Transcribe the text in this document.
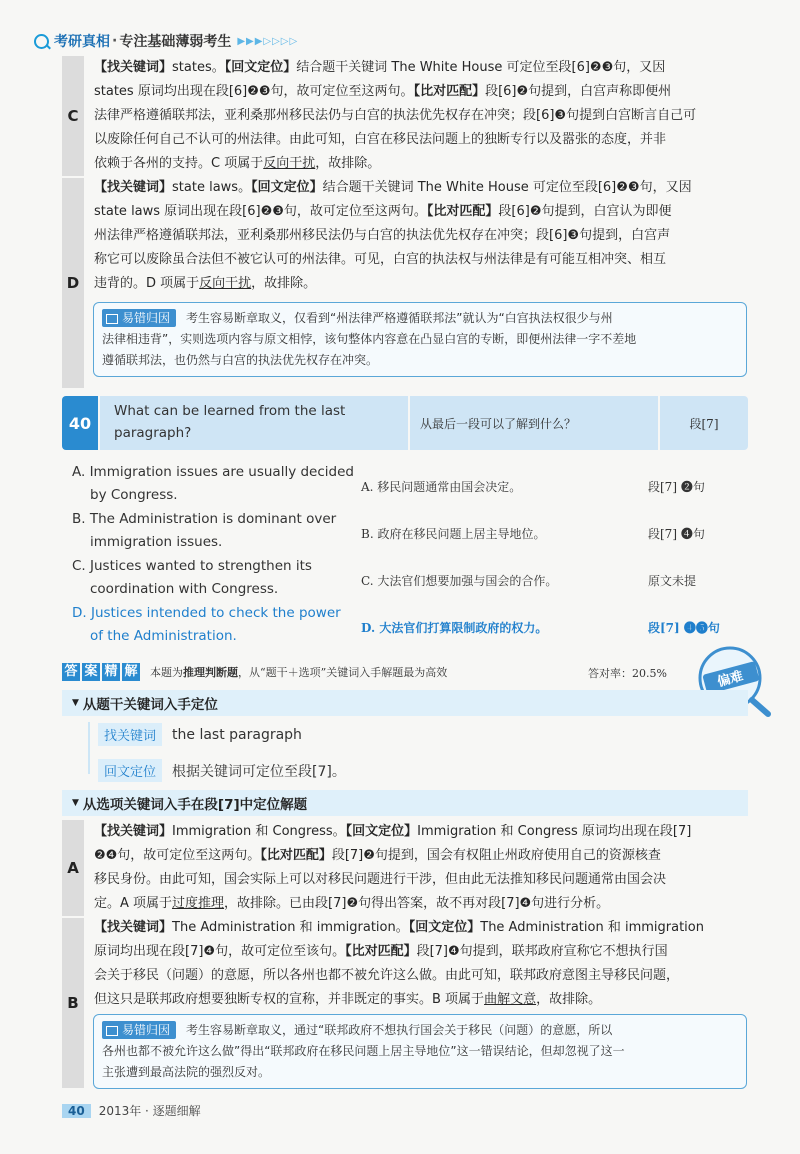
考研真相 · 专注基础薄弱考生 ▶▶▶▷▷▷▷
C
【找关键词】states。【回文定位】结合题干关键词 The White House 可定位至段[6]❷❸句，又因
states 原词均出现在段[6]❷❸句，故可定位至这两句。【比对匹配】段[6]❷句提到，白宫声称即便州
法律严格遵循联邦法，亚利桑那州移民法仍与白宫的执法优先权存在冲突；段[6]❸句提到白宫断言自己可
以废除任何自己不认可的州法律。由此可知，白宫在移民法问题上的独断专行以及嚣张的态度，并非
依赖于各州的支持。C 项属于反向干扰，故排除。
D
【找关键词】state laws。【回文定位】结合题干关键词 The White House 可定位至段[6]❷❸句，又因
state laws 原词出现在段[6]❷❸句，故可定位至这两句。【比对匹配】段[6]❷句提到，白宫认为即便
州法律严格遵循联邦法，亚利桑那州移民法仍与白宫的执法优先权存在冲突；段[6]❸句提到，白宫声
称它可以废除虽合法但不被它认可的州法律。可见，白宫的执法权与州法律是有可能互相冲突、相互
违背的。D 项属于反向干扰，故排除。
易错归因 考生容易断章取义，仅看到“州法律严格遵循联邦法”就认为“白宫执法权很少与州
法律相违背”，实则选项内容与原文相悖，该句整体内容意在凸显白宫的专断，即便州法律一字不差地
遵循联邦法，也仍然与白宫的执法优先权存在冲突。
40
What can be learned from the last
paragraph?
从最后一段可以了解到什么？	段[7]
A. Immigration issues are usually decided
by Congress.	A. 移民问题通常由国会决定。	段[7] ❷句
B. The Administration is dominant over
immigration issues.	B. 政府在移民问题上居主导地位。	段[7] ❹句
C. Justices wanted to strengthen its
coordination with Congress.	C. 大法官们想要加强与国会的合作。	原文未提
D. Justices intended to check the power
of the Administration.	D. 大法官们打算限制政府的权力。	段[7] ❹❺句
答 案 精 解 本题为推理判断题，从“题干＋选项”关键词入手解题最为高效	答对率：20.5%	偏难
▼ 从题干关键词入手定位
找关键词	the last paragraph
回文定位	根据关键词可定位至段[7]。
▼ 从选项关键词入手在段[7]中定位解题
A
【找关键词】Immigration 和 Congress。【回文定位】Immigration 和 Congress 原词均出现在段[7]
❷❹句，故可定位至这两句。【比对匹配】段[7]❷句提到，国会有权阻止州政府使用自己的资源核查
移民身份。由此可知，国会实际上可以对移民问题进行干涉，但由此无法推知移民问题通常由国会决
定。A 项属于过度推理，故排除。已由段[7]❷句得出答案，故不再对段[7]❹句进行分析。
B
【找关键词】The Administration 和 immigration。【回文定位】The Administration 和 immigration
原词均出现在段[7]❹句，故可定位至该句。【比对匹配】段[7]❹句提到，联邦政府宣称它不想执行国
会关于移民（问题）的意愿，所以各州也都不被允许这么做。由此可知，联邦政府意图主导移民问题，
但这只是联邦政府想要独断专权的宣称，并非既定的事实。B 项属于曲解文意，故排除。
易错归因 考生容易断章取义，通过“联邦政府不想执行国会关于移民（问题）的意愿，所以
各州也都不被允许这么做”得出“联邦政府在移民问题上居主导地位”这一错误结论，但却忽视了这一
主张遭到最高法院的强烈反对。
40	2013年 · 逐题细解
